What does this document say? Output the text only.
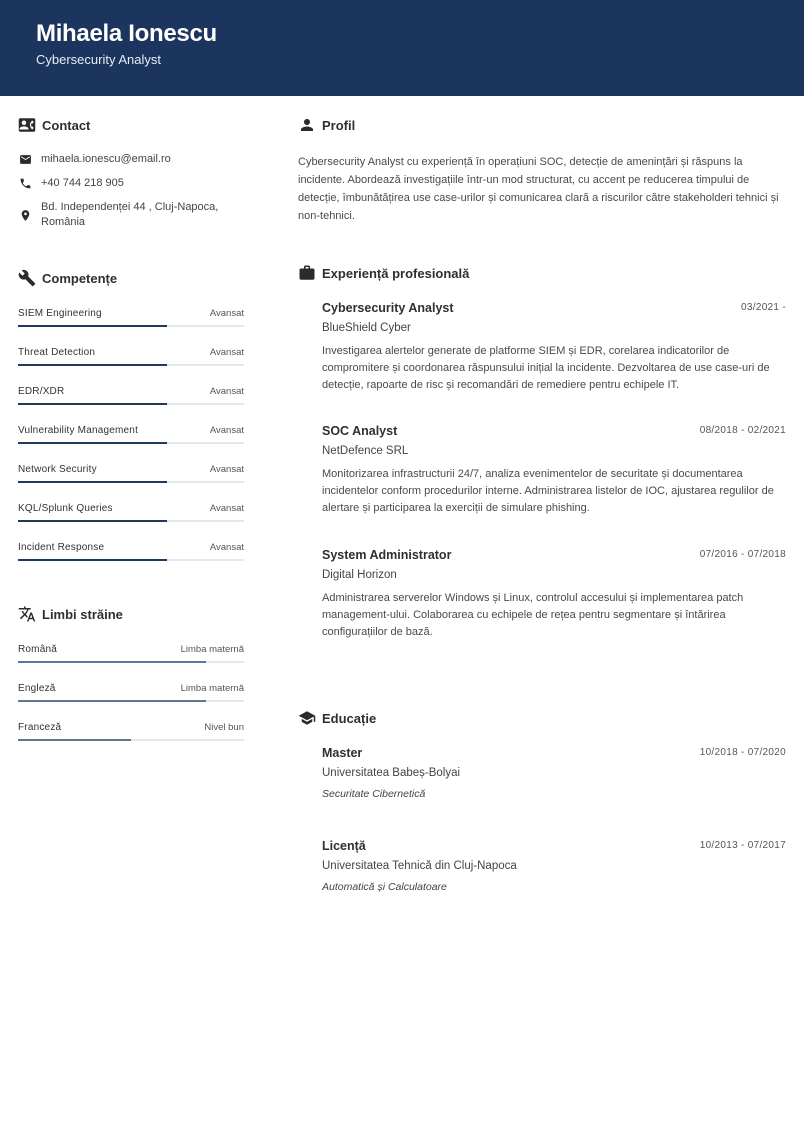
Mihaela Ionescu
Cybersecurity Analyst
Contact
mihaela.ionescu@email.ro
+40 744 218 905
Bd. Independenței 44 , Cluj-Napoca, România
Competențe
SIEM Engineering	Avansat
Threat Detection	Avansat
EDR/XDR	Avansat
Vulnerability Management	Avansat
Network Security	Avansat
KQL/Splunk Queries	Avansat
Incident Response	Avansat
Limbi străine
Română	Limba maternă
Engleză	Limba maternă
Franceză	Nivel bun
Profil
Cybersecurity Analyst cu experiență în operațiuni SOC, detecție de amenințări și răspuns la incidente. Abordează investigațiile într-un mod structurat, cu accent pe reducerea timpului de detecție, îmbunătățirea use case-urilor și comunicarea clară a riscurilor către stakeholderi tehnici și non-tehnici.
Experiență profesională
Cybersecurity Analyst	03/2021 -
BlueShield Cyber
Investigarea alertelor generate de platforme SIEM și EDR, corelarea indicatorilor de compromitere și coordonarea răspunsului inițial la incidente. Dezvoltarea de use case-uri de detecție, rapoarte de risc și recomandări de remediere pentru echipele IT.
SOC Analyst	08/2018 - 02/2021
NetDefence SRL
Monitorizarea infrastructurii 24/7, analiza evenimentelor de securitate și documentarea incidentelor conform procedurilor interne. Administrarea listelor de IOC, ajustarea regulilor de alertare și participarea la exerciții de simulare phishing.
System Administrator	07/2016 - 07/2018
Digital Horizon
Administrarea serverelor Windows și Linux, controlul accesului și implementarea patch management-ului. Colaborarea cu echipele de rețea pentru segmentare și întărirea configurațiilor de bază.
Educație
Master	10/2018 - 07/2020
Universitatea Babeș-Bolyai
Securitate Cibernetică
Licență	10/2013 - 07/2017
Universitatea Tehnică din Cluj-Napoca
Automatică și Calculatoare
